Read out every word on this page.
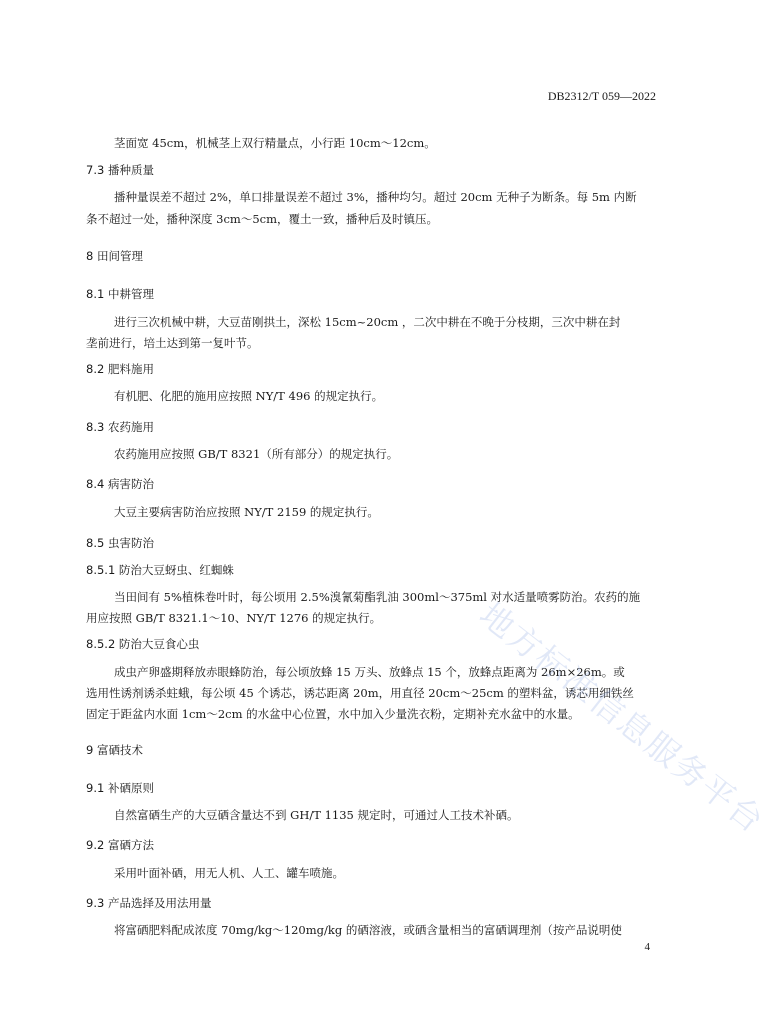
DB2312/T 059—2022
茎面宽 45cm，机械茎上双行精量点，小行距 10cm～12cm。
7.3 播种质量
播种量误差不超过 2%，单口排量误差不超过 3%，播种均匀。超过 20cm 无种子为断条。每 5m 内断
条不超过一处，播种深度 3cm～5cm，覆土一致，播种后及时镇压。
8 田间管理
8.1 中耕管理
进行三次机械中耕，大豆苗刚拱土，深松 15cm~20cm ，二次中耕在不晚于分枝期，三次中耕在封
垄前进行，培土达到第一复叶节。
8.2 肥料施用
有机肥、化肥的施用应按照 NY/T 496 的规定执行。
8.3 农药施用
农药施用应按照 GB/T 8321（所有部分）的规定执行。
8.4 病害防治
大豆主要病害防治应按照 NY/T 2159 的规定执行。
8.5 虫害防治
8.5.1 防治大豆蚜虫、红蜘蛛
当田间有 5%植株卷叶时，每公顷用 2.5%溴氰菊酯乳油 300ml～375ml 对水适量喷雾防治。农药的施
用应按照 GB/T 8321.1～10、NY/T 1276 的规定执行。
8.5.2 防治大豆食心虫
成虫产卵盛期释放赤眼蜂防治，每公顷放蜂 15 万头、放蜂点 15 个，放蜂点距离为 26m×26m。或
选用性诱剂诱杀蛀蛾，每公顷 45 个诱芯，诱芯距离 20m，用直径 20cm～25cm 的塑料盆，诱芯用细铁丝
固定于距盆内水面 1cm～2cm 的水盆中心位置，水中加入少量洗衣粉，定期补充水盆中的水量。
9 富硒技术
9.1 补硒原则
自然富硒生产的大豆硒含量达不到 GH/T 1135 规定时，可通过人工技术补硒。
9.2 富硒方法
采用叶面补硒，用无人机、人工、罐车喷施。
9.3 产品选择及用法用量
将富硒肥料配成浓度 70mg/kg～120mg/kg 的硒溶液，或硒含量相当的富硒调理剂（按产品说明使
4
地方标准信息服务平台
